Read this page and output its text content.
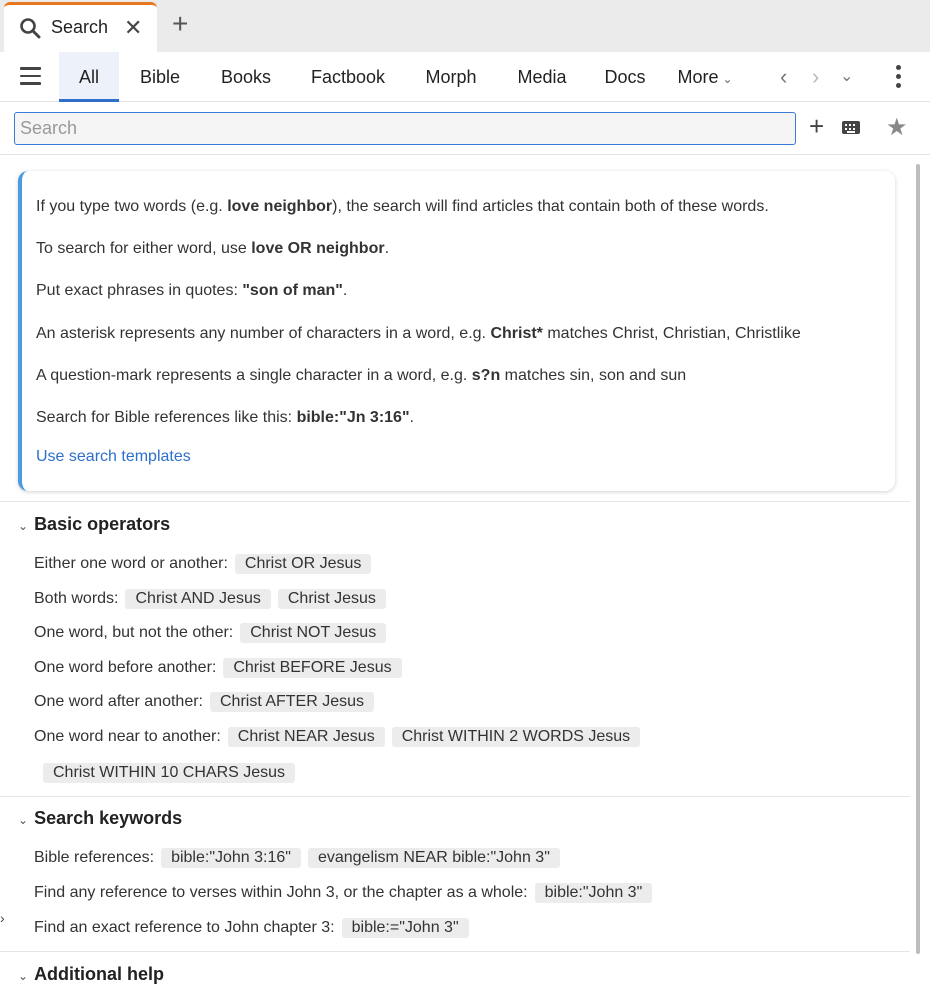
Search ✕ +
All	Bible	Books	Factbook	Morph	Media	Docs	More ⌄	‹ › ⌄
Search
+	★

If you type two words (e.g. love neighbor), the search will find articles that contain both of these words.

To search for either word, use love OR neighbor.

Put exact phrases in quotes: "son of man".

An asterisk represents any number of characters in a word, e.g. Christ* matches Christ, Christian, Christlike

A question-mark represents a single character in a word, e.g. s?n matches sin, son and sun

Search for Bible references like this: bible:"Jn 3:16".

Use search templates

⌄ Basic operators
Either one word or another: Christ OR Jesus
Both words: Christ AND Jesus Christ Jesus
One word, but not the other: Christ NOT Jesus
One word before another: Christ BEFORE Jesus
One word after another: Christ AFTER Jesus
One word near to another: Christ NEAR Jesus Christ WITHIN 2 WORDS Jesus
Christ WITHIN 10 CHARS Jesus
⌄ Search keywords
Bible references: bible:"John 3:16" evangelism NEAR bible:"John 3"
Find any reference to verses within John 3, or the chapter as a whole: bible:"John 3"
Find an exact reference to John chapter 3: bible:="John 3"
⌄ Additional help
›
